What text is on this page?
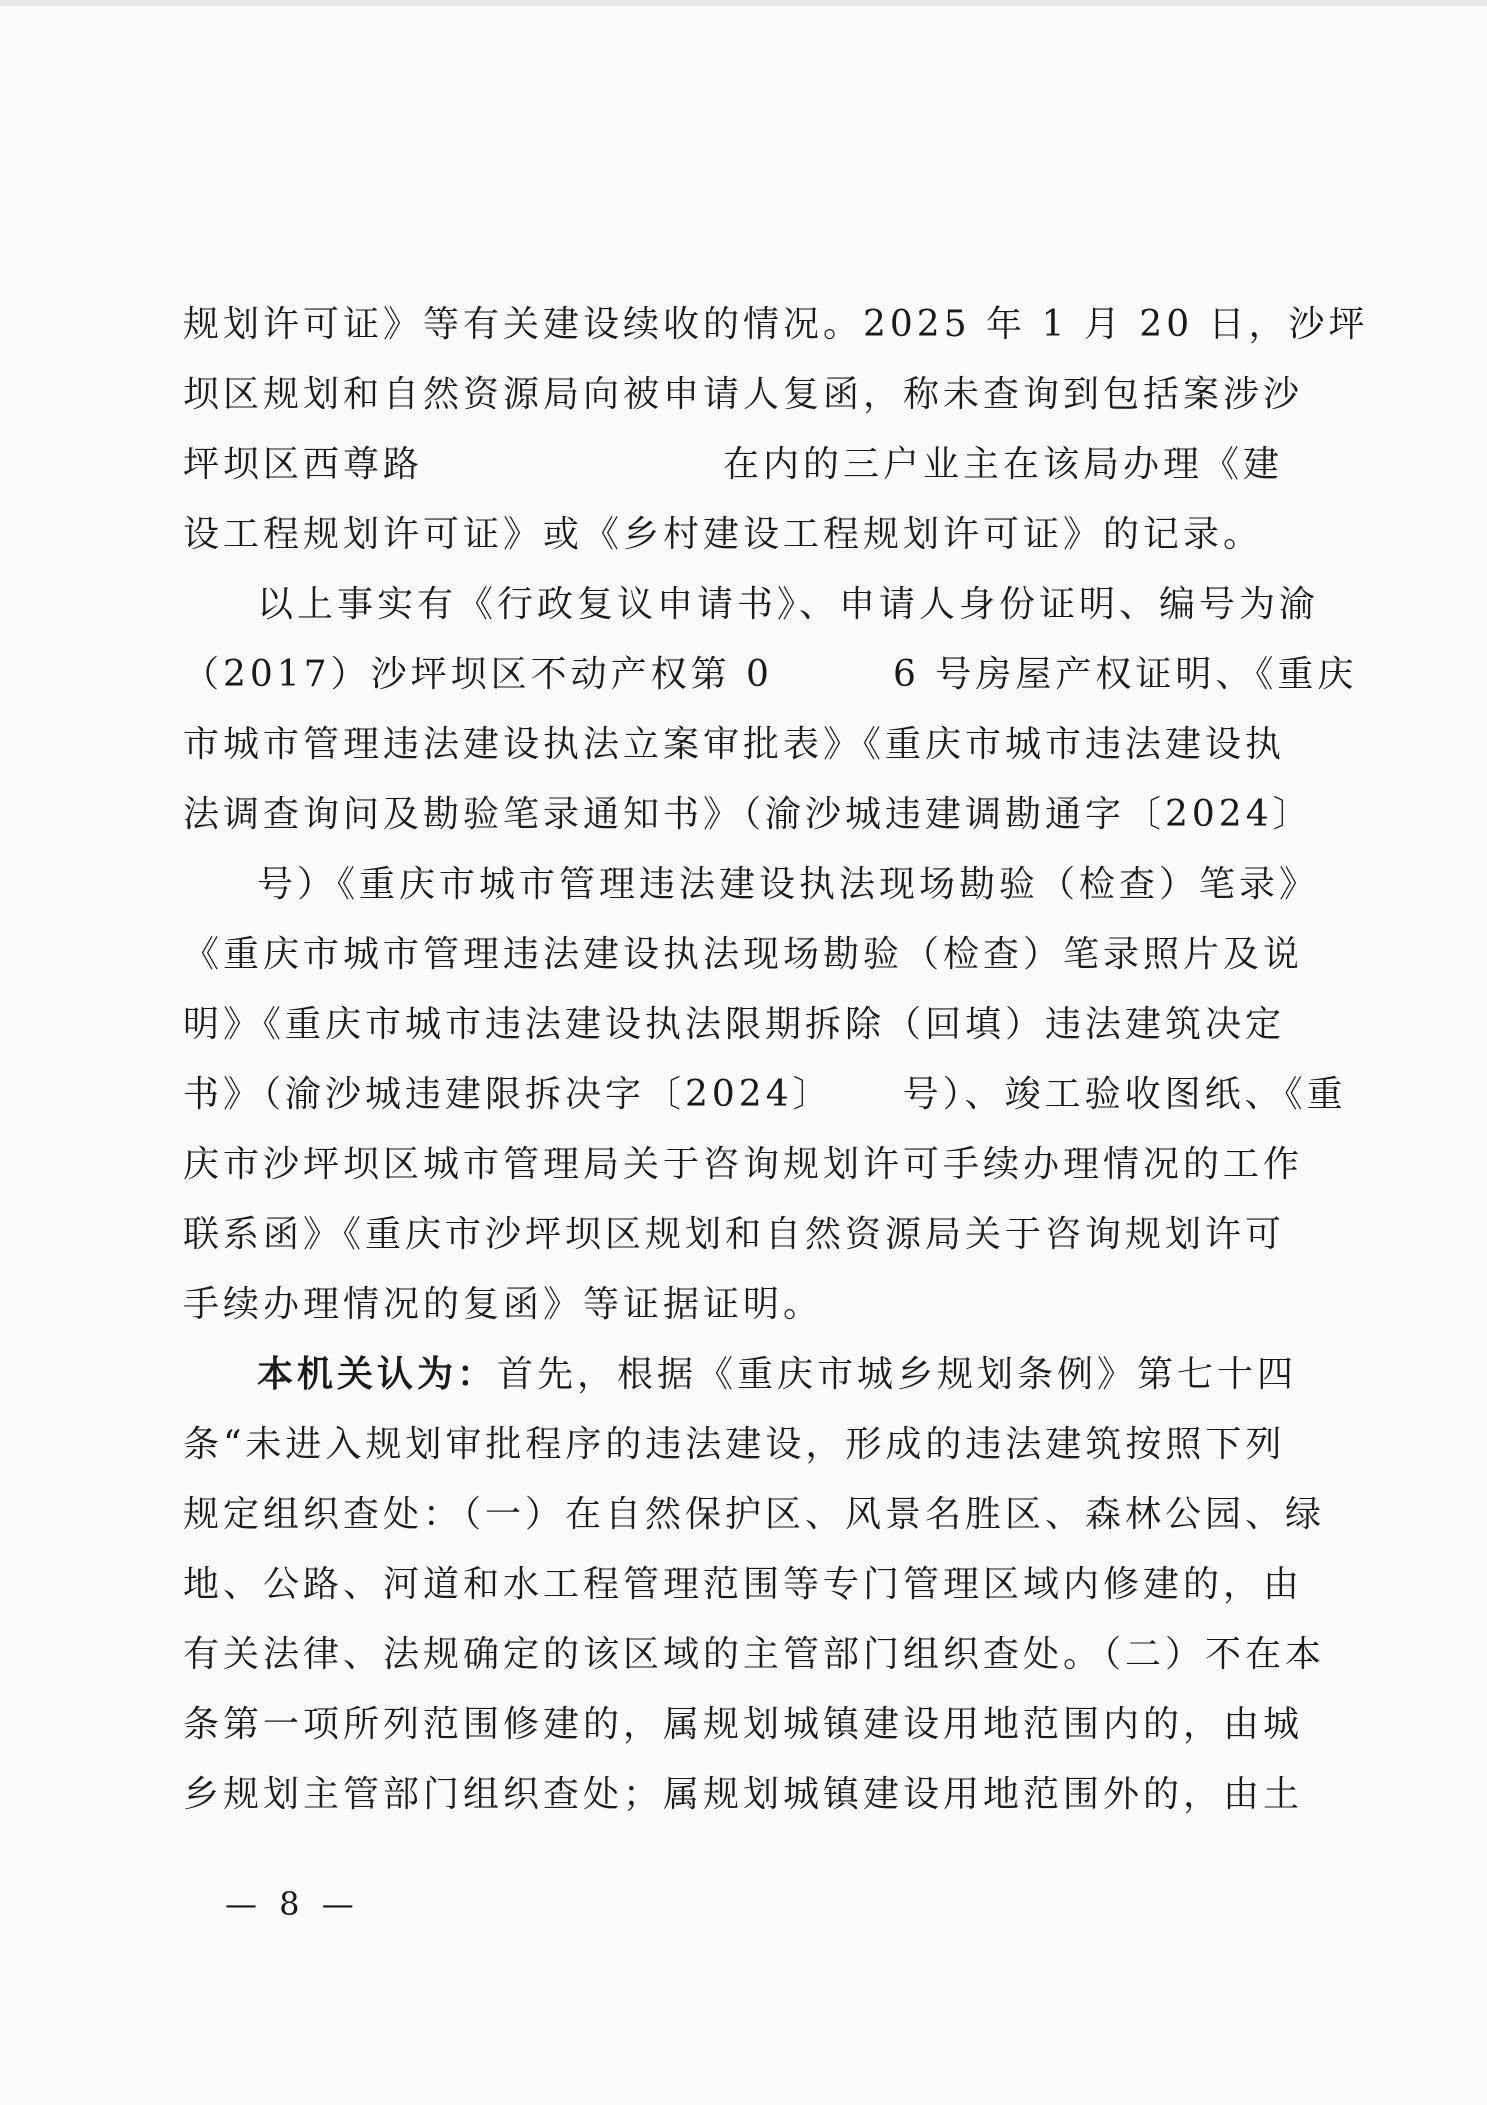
规划许可证》等有关建设续收的情况。2025 年 1 月 20 日，沙坪
坝区规划和自然资源局向被申请人复函，称未查询到包括案涉沙
坪坝区西尊路	在内的三户业主在该局办理《建
设工程规划许可证》或《乡村建设工程规划许可证》的记录。
以上事实有《行政复议申请书》、申请人身份证明、编号为渝
（2017）沙坪坝区不动产权第 0	6 号房屋产权证明、《重庆
市城市管理违法建设执法立案审批表》《重庆市城市违法建设执
法调查询问及勘验笔录通知书》（渝沙城违建调勘通字〔2024〕
号）《重庆市城市管理违法建设执法现场勘验（检查）笔录》
《重庆市城市管理违法建设执法现场勘验（检查）笔录照片及说
明》《重庆市城市违法建设执法限期拆除（回填）违法建筑决定
书》（渝沙城违建限拆决字〔2024〕 号）、竣工验收图纸、《重
庆市沙坪坝区城市管理局关于咨询规划许可手续办理情况的工作
联系函》《重庆市沙坪坝区规划和自然资源局关于咨询规划许可
手续办理情况的复函》等证据证明。
本机关认为：首先，根据《重庆市城乡规划条例》第七十四
条“未进入规划审批程序的违法建设，形成的违法建筑按照下列
规定组织查处：（一）在自然保护区、风景名胜区、森林公园、绿
地、公路、河道和水工程管理范围等专门管理区域内修建的，由
有关法律、法规确定的该区域的主管部门组织查处。（二）不在本
条第一项所列范围修建的，属规划城镇建设用地范围内的，由城
乡规划主管部门组织查处；属规划城镇建设用地范围外的，由土
— 8 —
